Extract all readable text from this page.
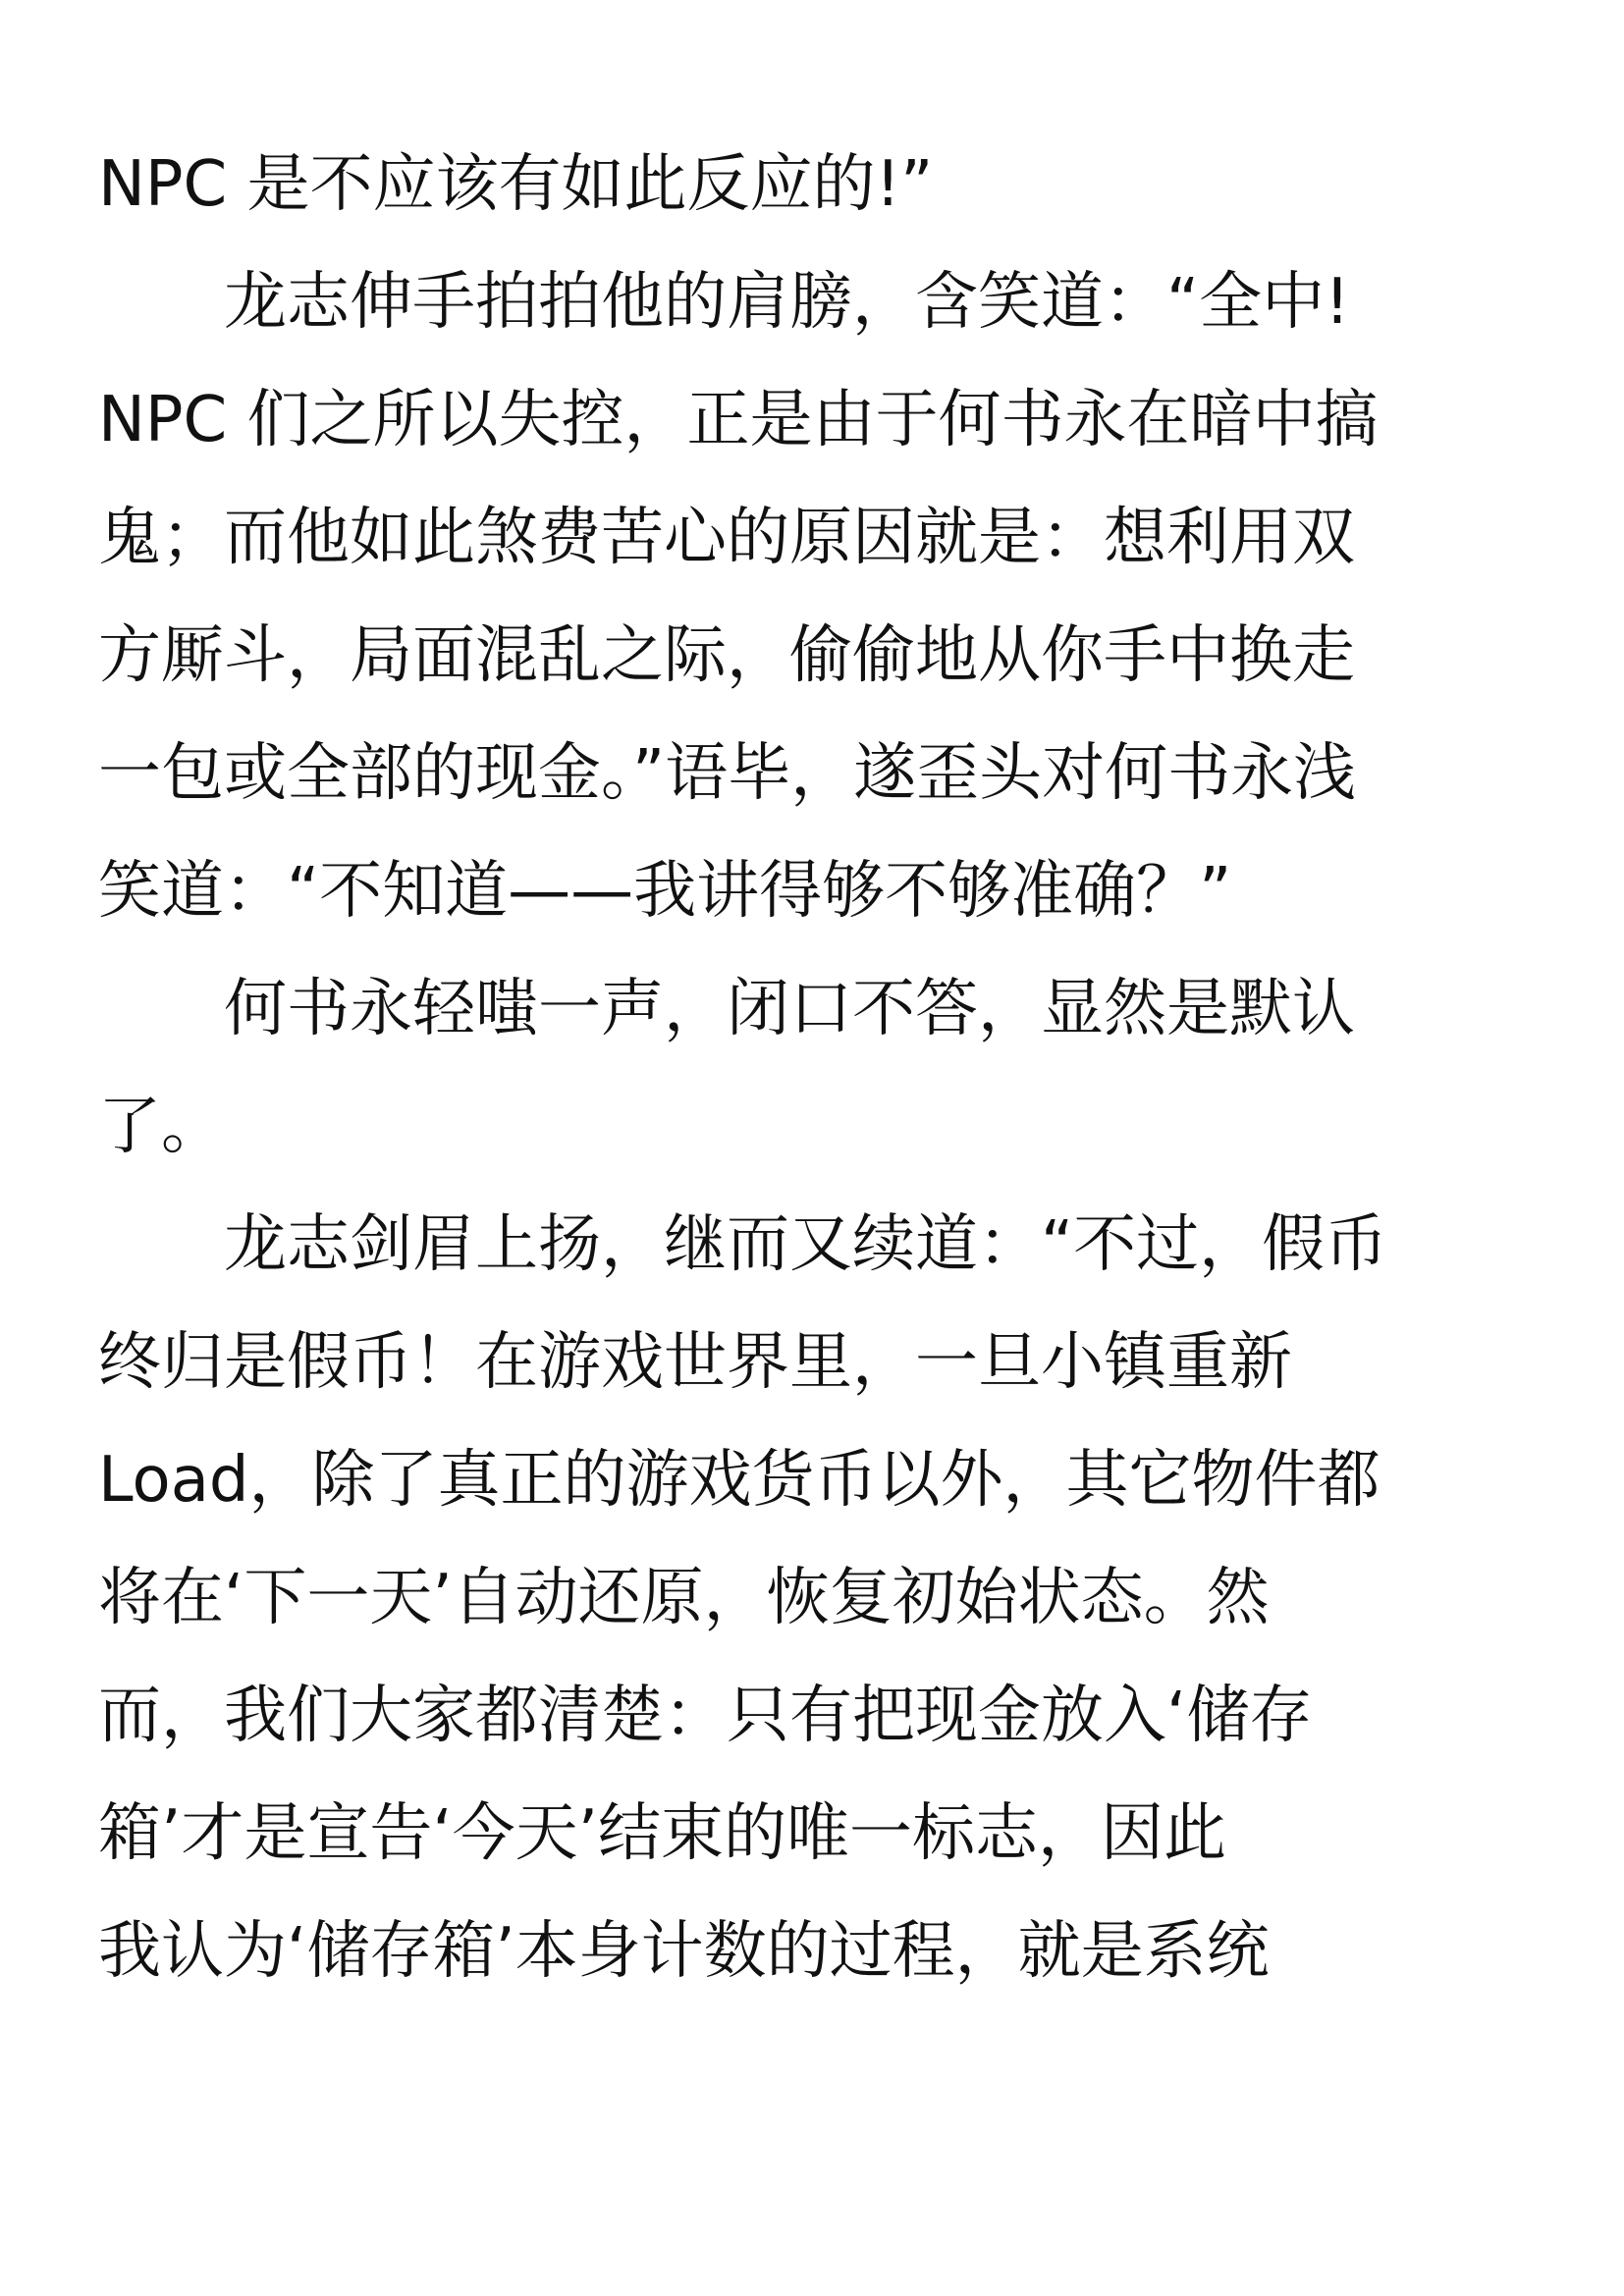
NPC 是不应该有如此反应的!”
　　龙志伸手拍拍他的肩膀，含笑道：“全中!
NPC 们之所以失控，正是由于何书永在暗中搞
鬼；而他如此煞费苦心的原因就是：想利用双
方厮斗，局面混乱之际，偷偷地从你手中换走
一包或全部的现金。”语毕，遂歪头对何书永浅
笑道：“不知道——我讲得够不够准确？”
　　何书永轻嗤一声，闭口不答，显然是默认
了。
　　龙志剑眉上扬，继而又续道：“不过，假币
终归是假币！在游戏世界里，一旦小镇重新
Load，除了真正的游戏货币以外，其它物件都
将在‘下一天’自动还原，恢复初始状态。然
而，我们大家都清楚：只有把现金放入‘储存
箱’才是宣告‘今天’结束的唯一标志，因此
我认为‘储存箱’本身计数的过程，就是系统
